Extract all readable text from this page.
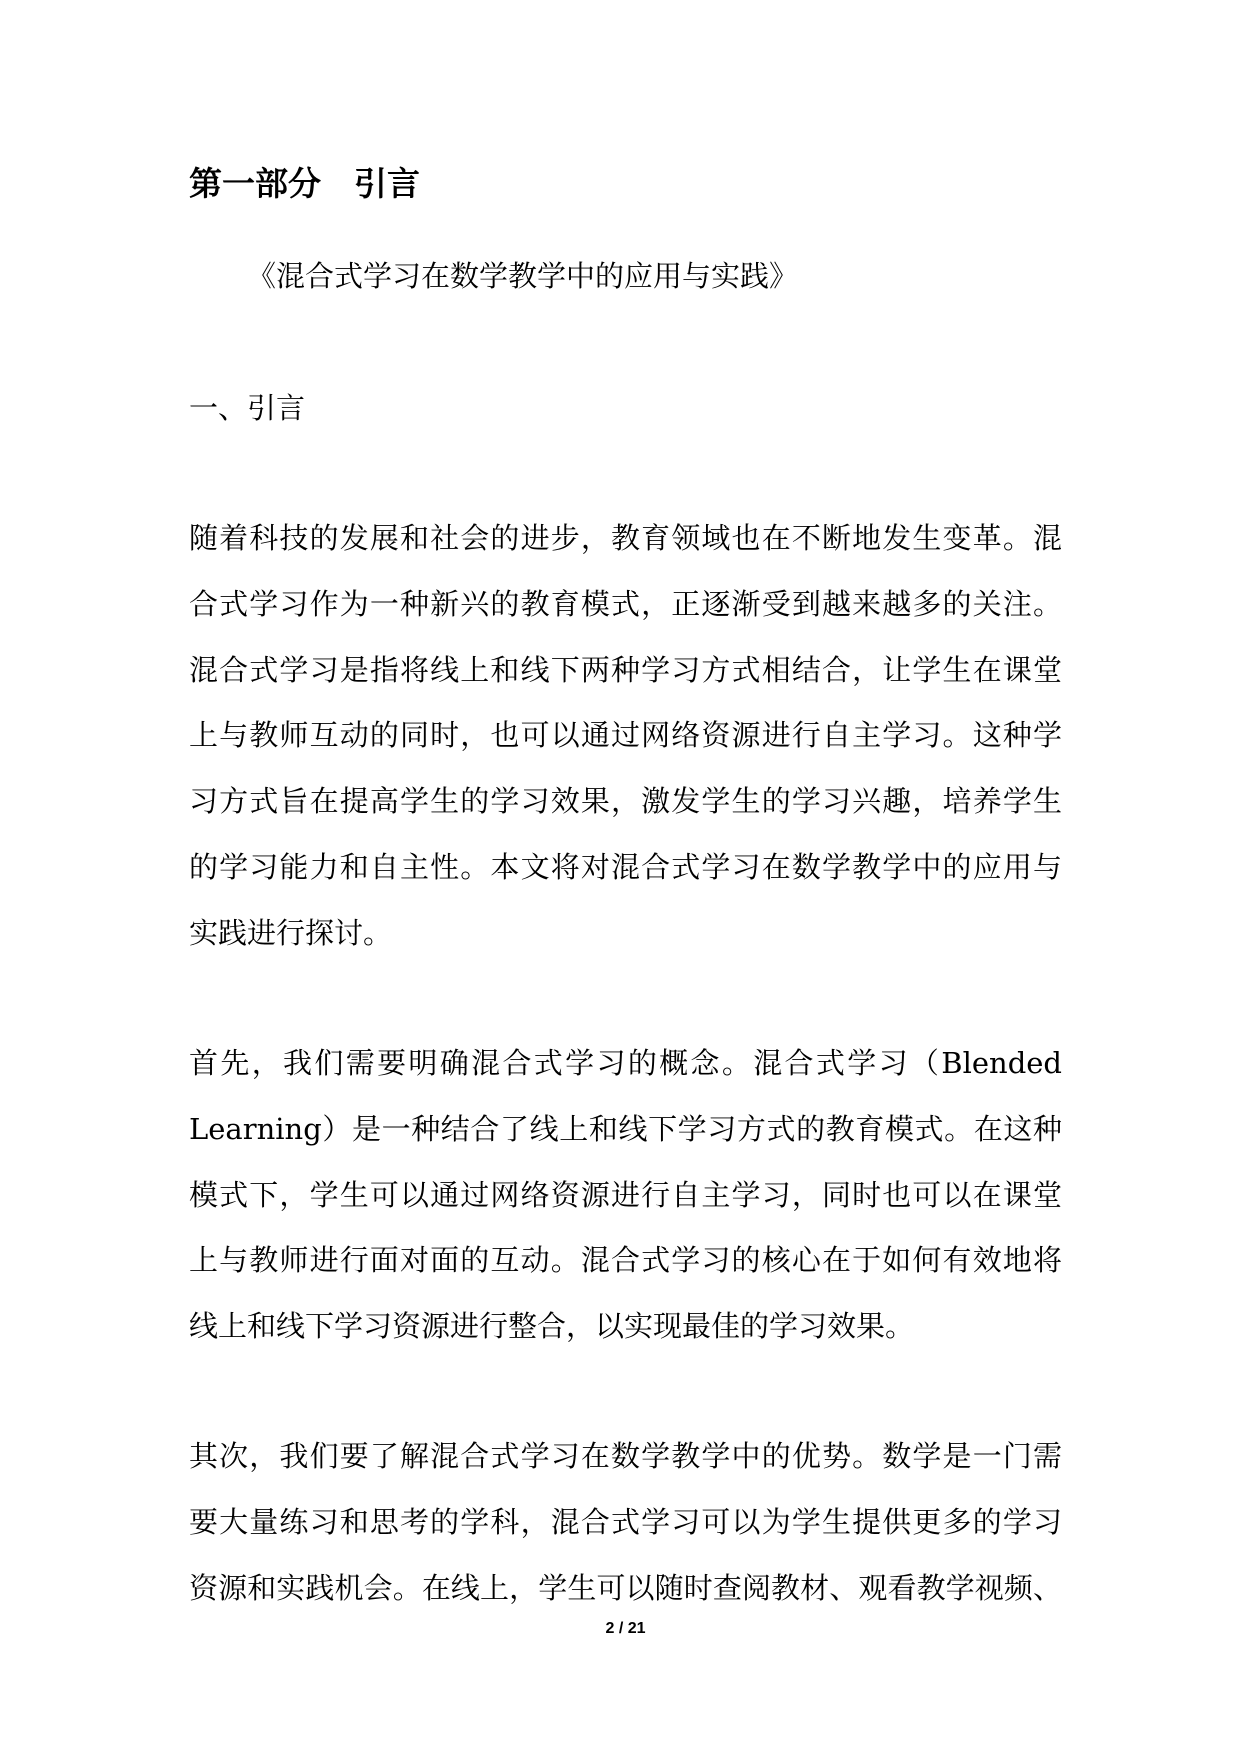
第一部分　引言
《混合式学习在数学教学中的应用与实践》
一、引言
随着科技的发展和社会的进步，教育领域也在不断地发生变革。混
合式学习作为一种新兴的教育模式，正逐渐受到越来越多的关注。
混合式学习是指将线上和线下两种学习方式相结合，让学生在课堂
上与教师互动的同时，也可以通过网络资源进行自主学习。这种学
习方式旨在提高学生的学习效果，激发学生的学习兴趣，培养学生
的学习能力和自主性。本文将对混合式学习在数学教学中的应用与
实践进行探讨。
首先，我们需要明确混合式学习的概念。混合式学习（Blended
Learning）是一种结合了线上和线下学习方式的教育模式。在这种
模式下，学生可以通过网络资源进行自主学习，同时也可以在课堂
上与教师进行面对面的互动。混合式学习的核心在于如何有效地将
线上和线下学习资源进行整合，以实现最佳的学习效果。
其次，我们要了解混合式学习在数学教学中的优势。数学是一门需
要大量练习和思考的学科，混合式学习可以为学生提供更多的学习
资源和实践机会。在线上，学生可以随时查阅教材、观看教学视频、
2 / 21
